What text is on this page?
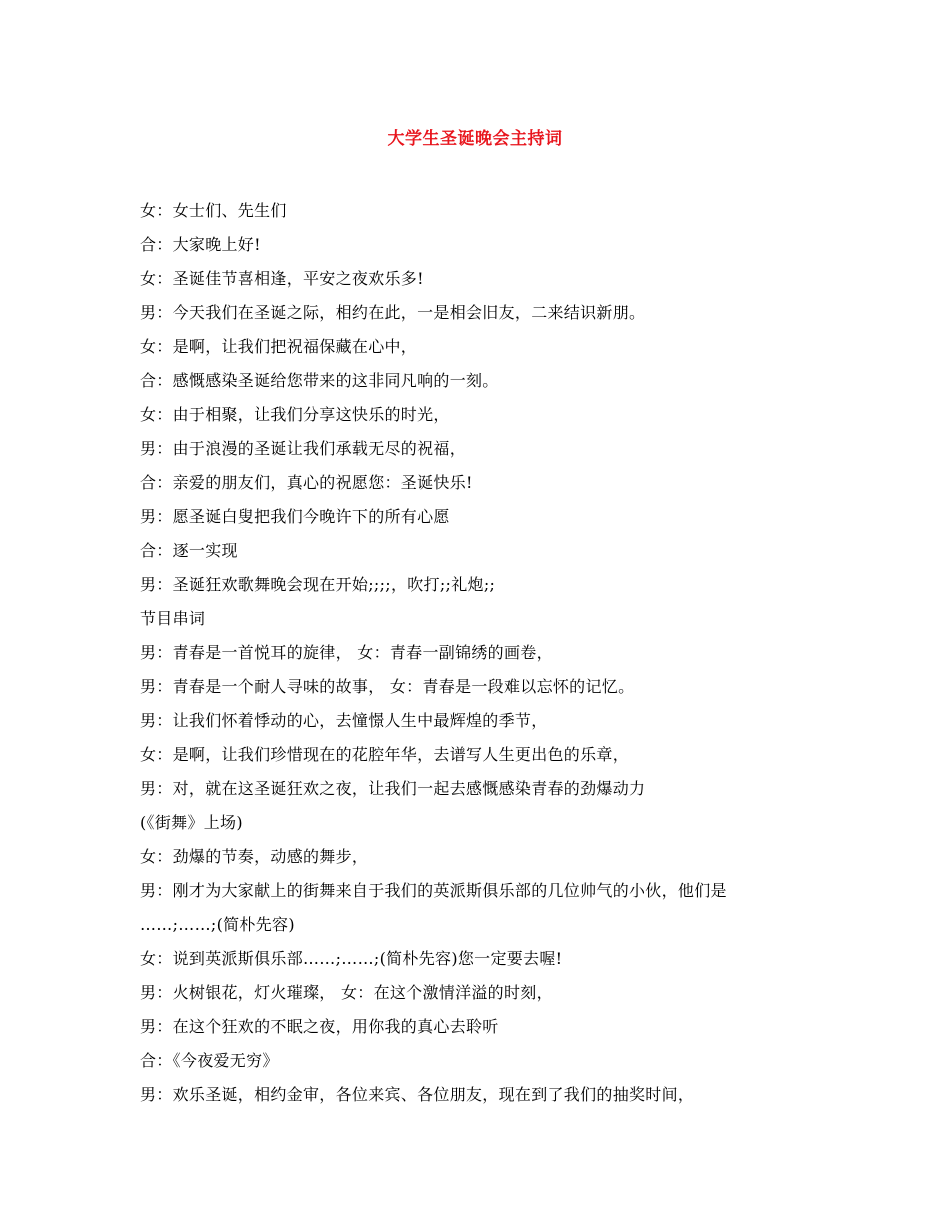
大学生圣诞晚会主持词
女：女士们、先生们
合：大家晚上好!
女：圣诞佳节喜相逢，平安之夜欢乐多!
男：今天我们在圣诞之际，相约在此，一是相会旧友，二来结识新朋。
女：是啊，让我们把祝福保藏在心中，
合：感慨感染圣诞给您带来的这非同凡响的一刻。
女：由于相聚，让我们分享这快乐的时光，
男：由于浪漫的圣诞让我们承载无尽的祝福，
合：亲爱的朋友们，真心的祝愿您：圣诞快乐!
男：愿圣诞白叟把我们今晚许下的所有心愿
合：逐一实现
男：圣诞狂欢歌舞晚会现在开始;;;;，吹打;;礼炮;;
节目串词
男：青春是一首悦耳的旋律， 女：青春一副锦绣的画卷，
男：青春是一个耐人寻味的故事， 女：青春是一段难以忘怀的记忆。
男：让我们怀着悸动的心，去憧憬人生中最辉煌的季节，
女：是啊，让我们珍惜现在的花腔年华，去谱写人生更出色的乐章，
男：对，就在这圣诞狂欢之夜，让我们一起去感慨感染青春的劲爆动力
(《街舞》上场)
女：劲爆的节奏，动感的舞步，
男：刚才为大家献上的街舞来自于我们的英派斯俱乐部的几位帅气的小伙，他们是
……;……;(简朴先容)
女：说到英派斯俱乐部……;……;(简朴先容)您一定要去喔!
男：火树银花，灯火璀璨， 女：在这个激情洋溢的时刻，
男：在这个狂欢的不眠之夜，用你我的真心去聆听
合：《今夜爱无穷》
男：欢乐圣诞，相约金审，各位来宾、各位朋友，现在到了我们的抽奖时间，
